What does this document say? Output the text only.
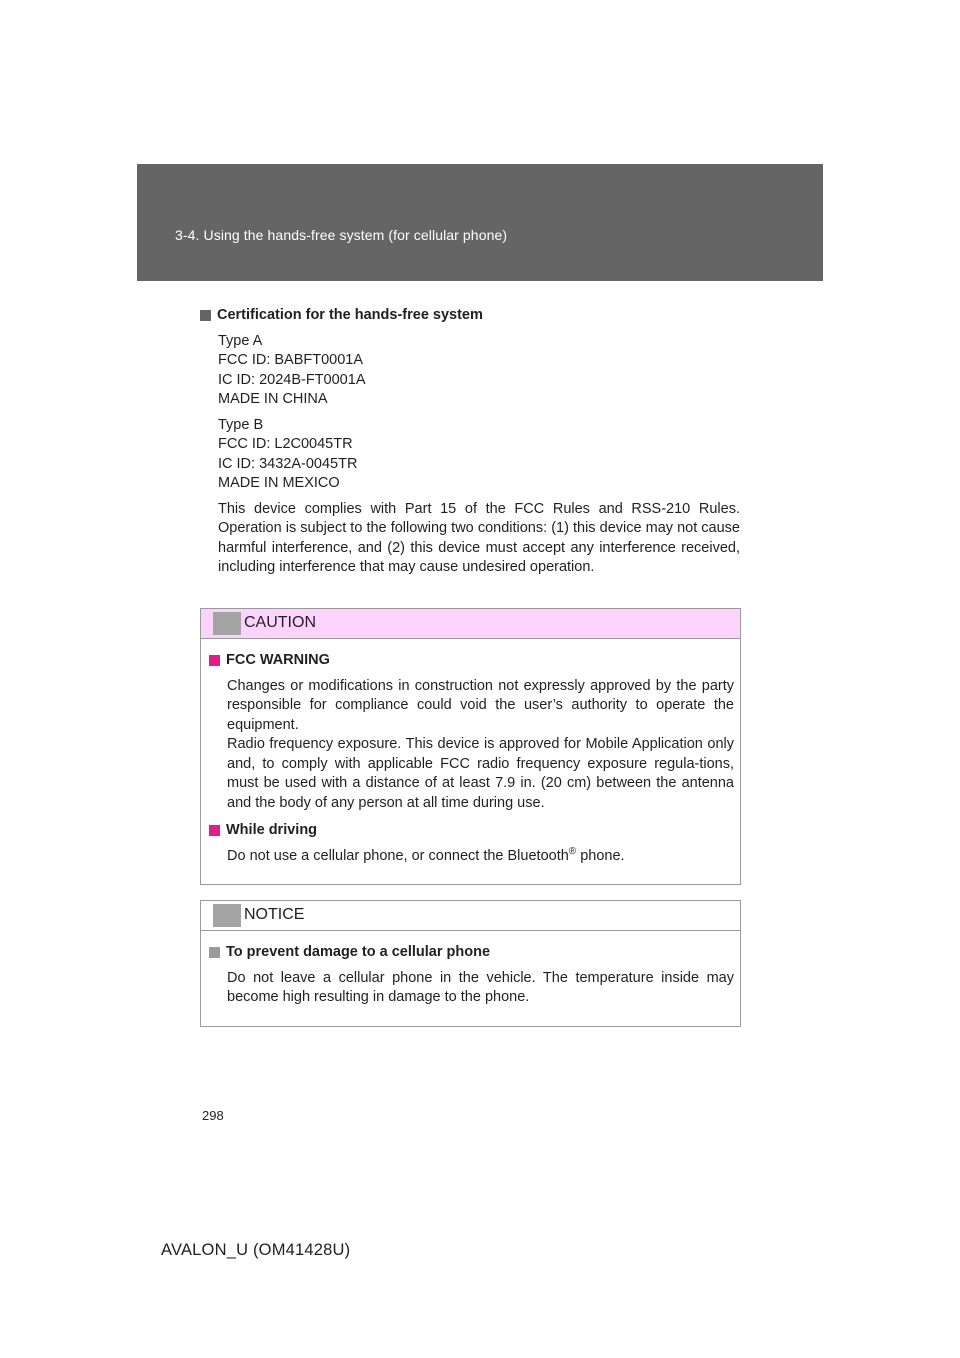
3-4. Using the hands-free system (for cellular phone)
Certification for the hands-free system
Type A
FCC ID: BABFT0001A
IC ID: 2024B-FT0001A
MADE IN CHINA
Type B
FCC ID: L2C0045TR
IC ID: 3432A-0045TR
MADE IN MEXICO
This device complies with Part 15 of the FCC Rules and RSS-210 Rules. Operation is subject to the following two conditions: (1) this device may not cause harmful interference, and (2) this device must accept any interference received, including interference that may cause undesired operation.
CAUTION
FCC WARNING
Changes or modifications in construction not expressly approved by the party responsible for compliance could void the user’s authority to operate the equipment.
Radio frequency exposure. This device is approved for Mobile Application only and, to comply with applicable FCC radio frequency exposure regula-tions, must be used with a distance of at least 7.9 in. (20 cm) between the antenna and the body of any person at all time during use.
While driving
Do not use a cellular phone, or connect the Bluetooth® phone.
NOTICE
To prevent damage to a cellular phone
Do not leave a cellular phone in the vehicle. The temperature inside may become high resulting in damage to the phone.
298
AVALON_U (OM41428U)
